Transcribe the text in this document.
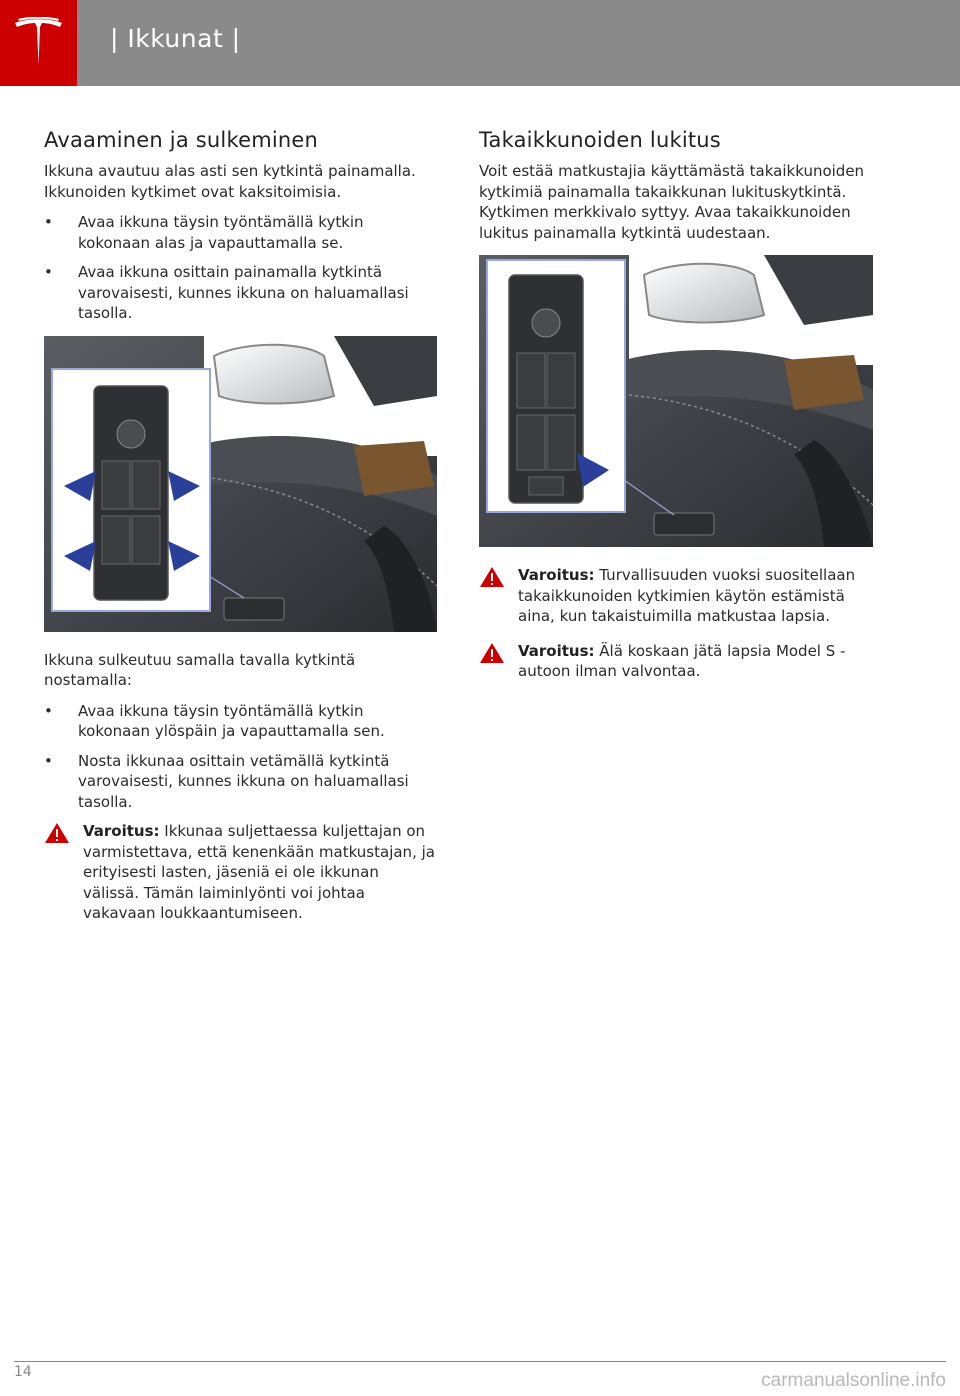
| Ikkunat |
Avaaminen ja sulkeminen

Ikkuna avautuu alas asti sen kytkintä painamalla. Ikkunoiden kytkimet ovat kaksitoimisia.

• Avaa ikkuna täysin työntämällä kytkin kokonaan alas ja vapauttamalla se.
• Avaa ikkuna osittain painamalla kytkintä varovaisesti, kunnes ikkuna on haluamallasi tasolla.

Ikkuna sulkeutuu samalla tavalla kytkintä nostamalla:

• Avaa ikkuna täysin työntämällä kytkin kokonaan ylöspäin ja vapauttamalla sen.
• Nosta ikkunaa osittain vetämällä kytkintä varovaisesti, kunnes ikkuna on haluamallasi tasolla.
Varoitus: Ikkunaa suljettaessa kuljettajan on varmistettava, että kenenkään matkustajan, ja erityisesti lasten, jäseniä ei ole ikkunan välissä. Tämän laiminlyönti voi johtaa vakavaan loukkaantumiseen.
Takaikkunoiden lukitus

Voit estää matkustajia käyttämästä takaikkunoiden kytkimiä painamalla takaikkunan lukituskytkintä. Kytkimen merkkivalo syttyy. Avaa takaikkunoiden lukitus painamalla kytkintä uudestaan.

Varoitus: Turvallisuuden vuoksi suositellaan takaikkunoiden kytkimien käytön estämistä aina, kun takaistuimilla matkustaa lapsia.
Varoitus: Älä koskaan jätä lapsia Model S -autoon ilman valvontaa.
14	carmanualsonline.info
